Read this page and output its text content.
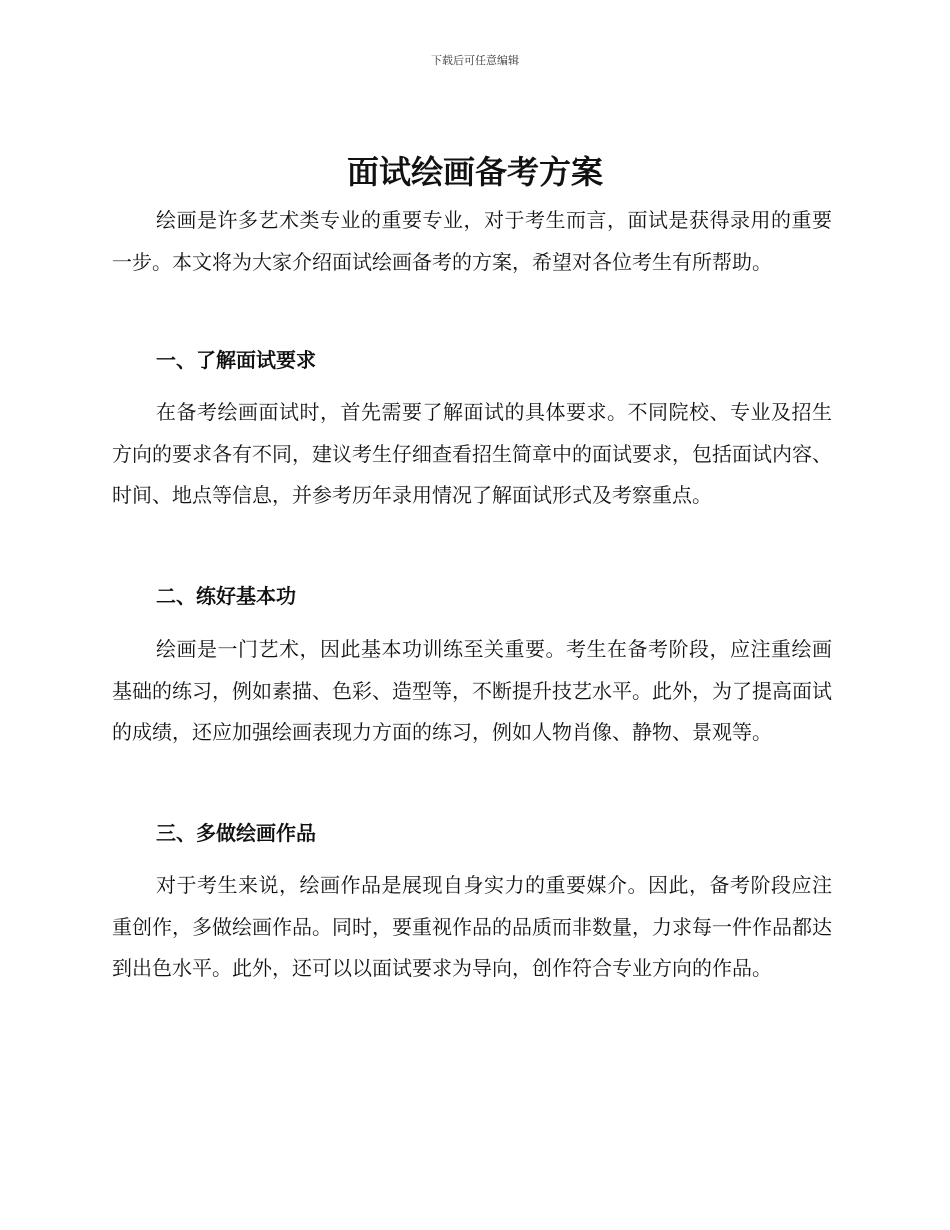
下载后可任意编辑
面试绘画备考方案

绘画是许多艺术类专业的重要专业，对于考生而言，面试是获得录用的重要一步。本文将为大家介绍面试绘画备考的方案，希望对各位考生有所帮助。

一、了解面试要求

在备考绘画面试时，首先需要了解面试的具体要求。不同院校、专业及招生方向的要求各有不同，建议考生仔细查看招生简章中的面试要求，包括面试内容、时间、地点等信息，并参考历年录用情况了解面试形式及考察重点。

二、练好基本功

绘画是一门艺术，因此基本功训练至关重要。考生在备考阶段，应注重绘画基础的练习，例如素描、色彩、造型等，不断提升技艺水平。此外，为了提高面试的成绩，还应加强绘画表现力方面的练习，例如人物肖像、静物、景观等。

三、多做绘画作品

对于考生来说，绘画作品是展现自身实力的重要媒介。因此，备考阶段应注重创作，多做绘画作品。同时，要重视作品的品质而非数量，力求每一件作品都达到出色水平。此外，还可以以面试要求为导向，创作符合专业方向的作品。
